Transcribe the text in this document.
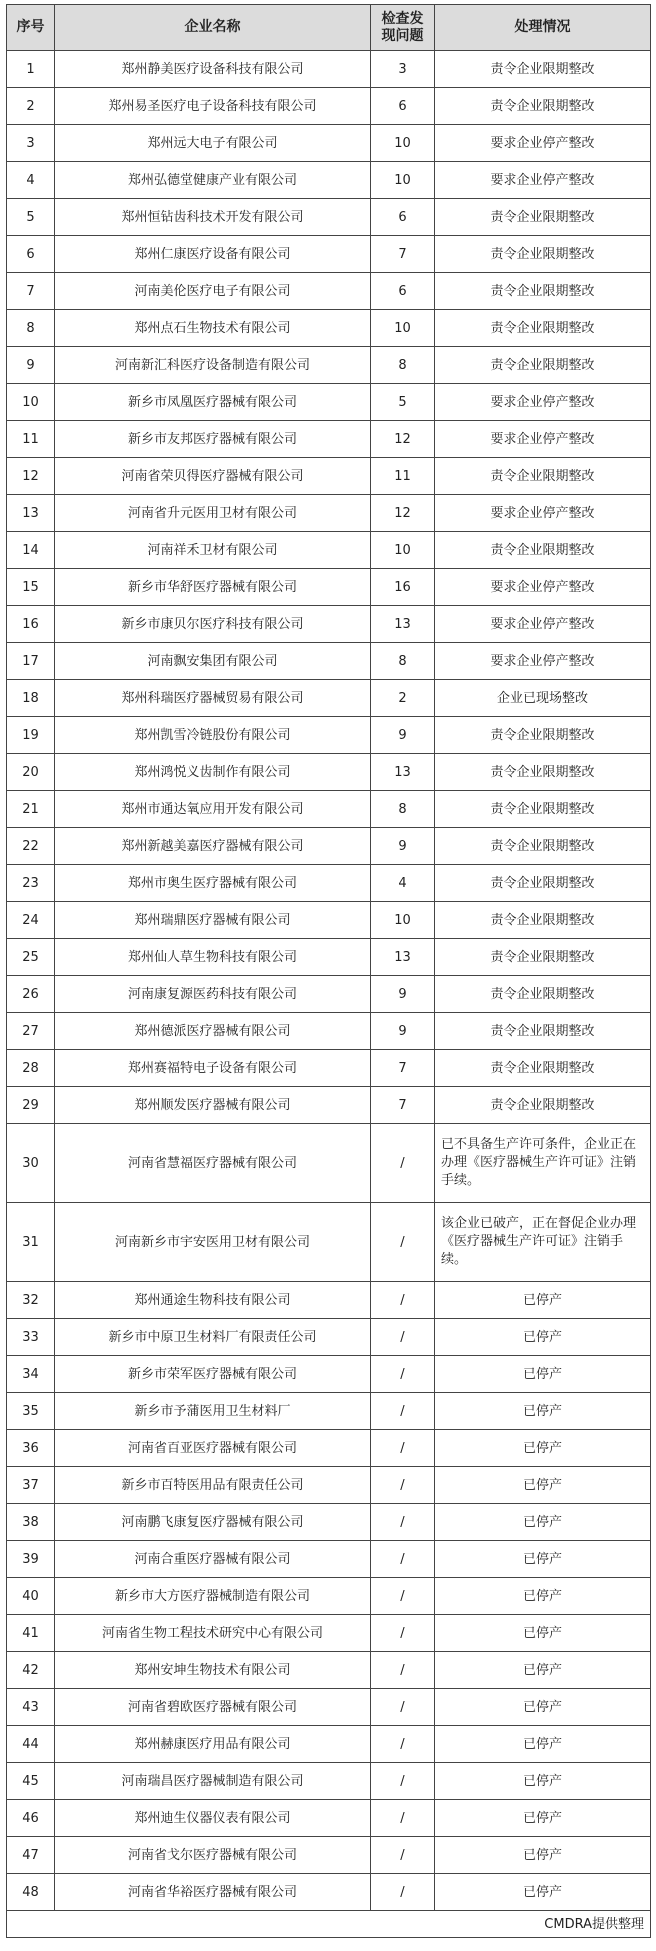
序号	企业名称	检查发现问题	处理情况
1	郑州静美医疗设备科技有限公司	3	责令企业限期整改
2	郑州易圣医疗电子设备科技有限公司	6	责令企业限期整改
3	郑州远大电子有限公司	10	要求企业停产整改
4	郑州弘德堂健康产业有限公司	10	要求企业停产整改
5	郑州恒钻齿科技术开发有限公司	6	责令企业限期整改
6	郑州仁康医疗设备有限公司	7	责令企业限期整改
7	河南美伦医疗电子有限公司	6	责令企业限期整改
8	郑州点石生物技术有限公司	10	责令企业限期整改
9	河南新汇科医疗设备制造有限公司	8	责令企业限期整改
10	新乡市凤凰医疗器械有限公司	5	要求企业停产整改
11	新乡市友邦医疗器械有限公司	12	要求企业停产整改
12	河南省荣贝得医疗器械有限公司	11	责令企业限期整改
13	河南省升元医用卫材有限公司	12	要求企业停产整改
14	河南祥禾卫材有限公司	10	责令企业限期整改
15	新乡市华舒医疗器械有限公司	16	要求企业停产整改
16	新乡市康贝尔医疗科技有限公司	13	要求企业停产整改
17	河南飘安集团有限公司	8	要求企业停产整改
18	郑州科瑞医疗器械贸易有限公司	2	企业已现场整改
19	郑州凯雪冷链股份有限公司	9	责令企业限期整改
20	郑州鸿悦义齿制作有限公司	13	责令企业限期整改
21	郑州市通达氧应用开发有限公司	8	责令企业限期整改
22	郑州新越美嘉医疗器械有限公司	9	责令企业限期整改
23	郑州市奥生医疗器械有限公司	4	责令企业限期整改
24	郑州瑞鼎医疗器械有限公司	10	责令企业限期整改
25	郑州仙人草生物科技有限公司	13	责令企业限期整改
26	河南康复源医药科技有限公司	9	责令企业限期整改
27	郑州德派医疗器械有限公司	9	责令企业限期整改
28	郑州赛福特电子设备有限公司	7	责令企业限期整改
29	郑州顺发医疗器械有限公司	7	责令企业限期整改
30	河南省慧福医疗器械有限公司	/	已不具备生产许可条件，企业正在办理《医疗器械生产许可证》注销手续。
31	河南新乡市宇安医用卫材有限公司	/	该企业已破产，正在督促企业办理《医疗器械生产许可证》注销手续。
32	郑州通途生物科技有限公司	/	已停产
33	新乡市中原卫生材料厂有限责任公司	/	已停产
34	新乡市荣军医疗器械有限公司	/	已停产
35	新乡市予蒲医用卫生材料厂	/	已停产
36	河南省百亚医疗器械有限公司	/	已停产
37	新乡市百特医用品有限责任公司	/	已停产
38	河南鹏飞康复医疗器械有限公司	/	已停产
39	河南合重医疗器械有限公司	/	已停产
40	新乡市大方医疗器械制造有限公司	/	已停产
41	河南省生物工程技术研究中心有限公司	/	已停产
42	郑州安坤生物技术有限公司	/	已停产
43	河南省碧欧医疗器械有限公司	/	已停产
44	郑州赫康医疗用品有限公司	/	已停产
45	河南瑞昌医疗器械制造有限公司	/	已停产
46	郑州迪生仪器仪表有限公司	/	已停产
47	河南省戈尔医疗器械有限公司	/	已停产
48	河南省华裕医疗器械有限公司	/	已停产
CMDRA提供整理			
